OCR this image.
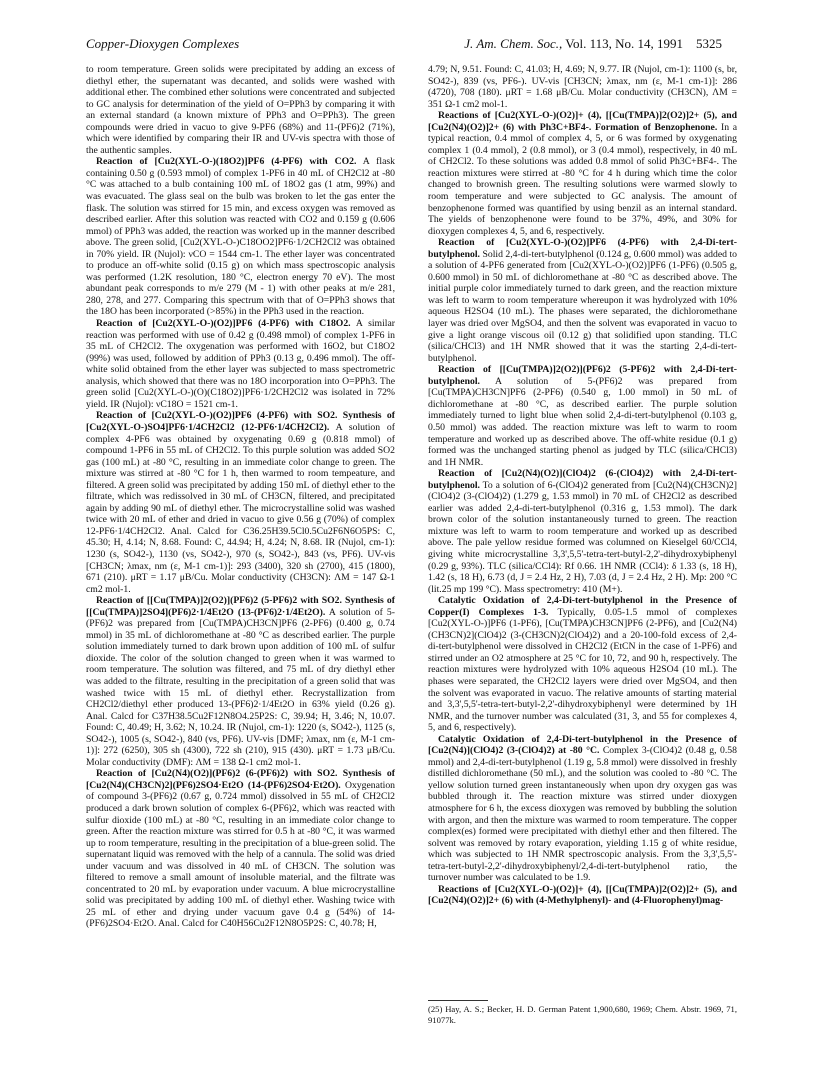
Copper-Dioxygen Complexes	J. Am. Chem. Soc., Vol. 113, No. 14, 1991 5325

to room temperature. Green solids were precipitated by adding an excess of diethyl ether, the supernatant was decanted, and solids were washed with additional ether. The combined ether solutions were concentrated and subjected to GC analysis for determination of the yield of O=PPh3 by comparing it with an external standard (a known mixture of PPh3 and O=PPh3). The green compounds were dried in vacuo to give 9-PF6 (68%) and 11-(PF6)2 (71%), which were identified by comparing their IR and UV-vis spectra with those of the authentic samples.

Reaction of [Cu2(XYL-O-)(18O2)]PF6 (4-PF6) with CO2. A flask containing 0.50 g (0.593 mmol) of complex 1-PF6 in 40 mL of CH2Cl2 at -80 °C was attached to a bulb containing 100 mL of 18O2 gas (1 atm, 99%) and was evacuated. The glass seal on the bulb was broken to let the gas enter the flask. The solution was stirred for 15 min, and excess oxygen was removed as described earlier. After this solution was reacted with CO2 and 0.159 g (0.606 mmol) of PPh3 was added, the reaction was worked up in the manner described above. The green solid, [Cu2(XYL-O-)C18OO2]PF6·1/2CH2Cl2 was obtained in 70% yield. IR (Nujol): νCO = 1544 cm-1. The ether layer was concentrated to produce an off-white solid (0.15 g) on which mass spectroscopic analysis was performed (1.2K resolution, 180 °C, electron energy 70 eV). The most abundant peak corresponds to m/e 279 (M - 1) with other peaks at m/e 281, 280, 278, and 277. Comparing this spectrum with that of O=PPh3 shows that the 18O has been incorporated (>85%) in the PPh3 used in the reaction.

Reaction of [Cu2(XYL-O-)(O2)]PF6 (4-PF6) with C18O2. A similar reaction was performed with use of 0.42 g (0.498 mmol) of complex 1-PF6 in 35 mL of CH2Cl2. The oxygenation was performed with 16O2, but C18O2 (99%) was used, followed by addition of PPh3 (0.13 g, 0.496 mmol). The off-white solid obtained from the ether layer was subjected to mass spectrometric analysis, which showed that there was no 18O incorporation into O=PPh3. The green solid [Cu2(XYL-O-)(O)(C18O2)]PF6·1/2CH2Cl2 was isolated in 72% yield. IR (Nujol): νC18O = 1521 cm-1.

Reaction of [Cu2(XYL-O-)(O2)]PF6 (4-PF6) with SO2. Synthesis of [Cu2(XYL-O-)SO4]PF6·1/4CH2Cl2 (12-PF6·1/4CH2Cl2). A solution of complex 4-PF6 was obtained by oxygenating 0.69 g (0.818 mmol) of compound 1-PF6 in 55 mL of CH2Cl2. To this purple solution was added SO2 gas (100 mL) at -80 °C, resulting in an immediate color change to green. The mixture was stirred at -80 °C for 1 h, then warmed to room tempeature, and filtered. A green solid was precipitated by adding 150 mL of diethyl ether to the filtrate, which was redissolved in 30 mL of CH3CN, filtered, and precipitated again by adding 90 mL of diethyl ether. The microcrystalline solid was washed twice with 20 mL of ether and dried in vacuo to give 0.56 g (70%) of complex 12-PF6·1/4CH2Cl2. Anal. Calcd for C36.25H39.5Cl0.5Cu2F6N6O5PS: C, 45.30; H, 4.14; N, 8.68. Found: C, 44.94; H, 4.24; N, 8.68. IR (Nujol, cm-1): 1230 (s, SO42-), 1130 (vs, SO42-), 970 (s, SO42-), 843 (vs, PF6). UV-vis [CH3CN; λmax, nm (ε, M-1 cm-1)]: 293 (3400), 320 sh (2700), 415 (1800), 671 (210). μRT = 1.17 μB/Cu. Molar conductivity (CH3CN): ΛM = 147 Ω-1 cm2 mol-1.

Reaction of [[Cu(TMPA)]2(O2)](PF6)2 (5-PF6)2 with SO2. Synthesis of [[Cu(TMPA)]2SO4](PF6)2·1/4Et2O (13-(PF6)2·1/4Et2O). A solution of 5-(PF6)2 was prepared from [Cu(TMPA)CH3CN]PF6 (2-PF6) (0.400 g, 0.74 mmol) in 35 mL of dichloromethane at -80 °C as described earlier. The purple solution immediately turned to dark brown upon addition of 100 mL of sulfur dioxide. The color of the solution changed to green when it was warmed to room temperature. The solution was filtered, and 75 mL of dry diethyl ether was added to the filtrate, resulting in the precipitation of a green solid that was washed twice with 15 mL of diethyl ether. Recrystallization from CH2Cl2/diethyl ether produced 13-(PF6)2·1/4Et2O in 63% yield (0.26 g). Anal. Calcd for C37H38.5Cu2F12N8O4.25P2S: C, 39.94; H, 3.46; N, 10.07. Found: C, 40.49; H, 3.62; N, 10.24. IR (Nujol, cm-1): 1220 (s, SO42-), 1125 (s, SO42-), 1005 (s, SO42-), 840 (vs, PF6). UV-vis [DMF; λmax, nm (ε, M-1 cm-1)]: 272 (6250), 305 sh (4300), 722 sh (210), 915 (430). μRT = 1.73 μB/Cu. Molar conductivity (DMF): ΛM = 138 Ω-1 cm2 mol-1.

Reaction of [Cu2(N4)(O2)](PF6)2 (6-(PF6)2) with SO2. Synthesis of [Cu2(N4)(CH3CN)2](PF6)2SO4·Et2O (14-(PF6)2SO4·Et2O). Oxygenation of compound 3-(PF6)2 (0.67 g, 0.724 mmol) dissolved in 55 mL of CH2Cl2 produced a dark brown solution of complex 6-(PF6)2, which was reacted with sulfur dioxide (100 mL) at -80 °C, resulting in an immediate color change to green. After the reaction mixture was stirred for 0.5 h at -80 °C, it was warmed up to room temperature, resulting in the precipitation of a blue-green solid. The supernatant liquid was removed with the help of a cannula. The solid was dried under vacuum and was dissolved in 40 mL of CH3CN. The solution was filtered to remove a small amount of insoluble material, and the filtrate was concentrated to 20 mL by evaporation under vacuum. A blue microcrystalline solid was precipitated by adding 100 mL of diethyl ether. Washing twice with 25 mL of ether and drying under vacuum gave 0.4 g (54%) of 14-(PF6)2SO4·Et2O. Anal. Calcd for C40H56Cu2F12N8O5P2S: C, 40.78; H,

4.79; N, 9.51. Found: C, 41.03; H, 4.69; N, 9.77. IR (Nujol, cm-1): 1100 (s, br, SO42-), 839 (vs, PF6-). UV-vis [CH3CN; λmax, nm (ε, M-1 cm-1)]: 286 (4720), 708 (180). μRT = 1.68 μB/Cu. Molar conductivity (CH3CN), ΛM = 351 Ω-1 cm2 mol-1.

Reactions of [Cu2(XYL-O-)(O2)]+ (4), [[Cu(TMPA)]2(O2)]2+ (5), and [Cu2(N4)(O2)]2+ (6) with Ph3C+BF4-. Formation of Benzophenone. In a typical reaction, 0.4 mmol of complex 4, 5, or 6 was formed by oxygenating complex 1 (0.4 mmol), 2 (0.8 mmol), or 3 (0.4 mmol), respectively, in 40 mL of CH2Cl2. To these solutions was added 0.8 mmol of solid Ph3C+BF4-. The reaction mixtures were stirred at -80 °C for 4 h during which time the color changed to brownish green. The resulting solutions were warmed slowly to room temperature and were subjected to GC analysis. The amount of benzophenone formed was quantified by using benzil as an internal standard. The yields of benzophenone were found to be 37%, 49%, and 30% for dioxygen complexes 4, 5, and 6, respectively.

Reaction of [Cu2(XYL-O-)(O2)]PF6 (4-PF6) with 2,4-Di-tert-butylphenol. Solid 2,4-di-tert-butylphenol (0.124 g, 0.600 mmol) was added to a solution of 4-PF6 generated from [Cu2(XYL-O-)(O2)]PF6 (1-PF6) (0.505 g, 0.600 mmol) in 50 mL of dichloromethane at -80 °C as described above. The initial purple color immediately turned to dark green, and the reaction mixture was left to warm to room temperature whereupon it was hydrolyzed with 10% aqueous H2SO4 (10 mL). The phases were separated, the dichloromethane layer was dried over MgSO4, and then the solvent was evaporated in vacuo to give a light orange viscous oil (0.12 g) that solidified upon standing. TLC (silica/CHCl3) and 1H NMR showed that it was the starting 2,4-di-tert-butylphenol.

Reaction of [[Cu(TMPA)]2(O2)](PF6)2 (5-PF6)2 with 2,4-Di-tert-butylphenol. A solution of 5-(PF6)2 was prepared from [Cu(TMPA)CH3CN]PF6 (2-PF6) (0.540 g, 1.00 mmol) in 50 mL of dichloromethane at -80 °C, as described earlier. The purple solution immediately turned to light blue when solid 2,4-di-tert-butylphenol (0.103 g, 0.50 mmol) was added. The reaction mixture was left to warm to room temperature and worked up as described above. The off-white residue (0.1 g) formed was the unchanged starting phenol as judged by TLC (silica/CHCl3) and 1H NMR.

Reaction of [Cu2(N4)(O2)](ClO4)2 (6-(ClO4)2) with 2,4-Di-tert-butylphenol. To a solution of 6-(ClO4)2 generated from [Cu2(N4)(CH3CN)2](ClO4)2 (3-(ClO4)2) (1.279 g, 1.53 mmol) in 70 mL of CH2Cl2 as described earlier was added 2,4-di-tert-butylphenol (0.316 g, 1.53 mmol). The dark brown color of the solution instantaneously turned to green. The reaction mixture was left to warm to room temperature and worked up as described above. The pale yellow residue formed was columned on Kieselgel 60/CCl4, giving white microcrystalline 3,3',5,5'-tetra-tert-butyl-2,2'-dihydroxybiphenyl (0.29 g, 93%). TLC (silica/CCl4): Rf 0.66. 1H NMR (CCl4): δ 1.33 (s, 18 H), 1.42 (s, 18 H), 6.73 (d, J = 2.4 Hz, 2 H), 7.03 (d, J = 2.4 Hz, 2 H). Mp: 200 °C (lit.25 mp 199 °C). Mass spectrometry: 410 (M+).

Catalytic Oxidation of 2,4-Di-tert-butylphenol in the Presence of Copper(I) Complexes 1-3. Typically, 0.05-1.5 mmol of complexes [Cu2(XYL-O-)]PF6 (1-PF6), [Cu(TMPA)CH3CN]PF6 (2-PF6), and [Cu2(N4)(CH3CN)2](ClO4)2 (3-(CH3CN)2(ClO4)2) and a 20-100-fold excess of 2,4-di-tert-butylphenol were dissolved in CH2Cl2 (EtCN in the case of 1-PF6) and stirred under an O2 atmosphere at 25 °C for 10, 72, and 90 h, respectively. The reaction mixtures were hydrolyzed with 10% aqueous H2SO4 (10 mL). The phases were separated, the CH2Cl2 layers were dried over MgSO4, and then the solvent was evaporated in vacuo. The relative amounts of starting material and 3,3',5,5'-tetra-tert-butyl-2,2'-dihydroxybiphenyl were determined by 1H NMR, and the turnover number was calculated (31, 3, and 55 for complexes 4, 5, and 6, respectively).

Catalytic Oxidation of 2,4-Di-tert-butylphenol in the Presence of [Cu2(N4)](ClO4)2 (3-(ClO4)2) at -80 °C. Complex 3-(ClO4)2 (0.48 g, 0.58 mmol) and 2,4-di-tert-butylphenol (1.19 g, 5.8 mmol) were dissolved in freshly distilled dichloromethane (50 mL), and the solution was cooled to -80 °C. The yellow solution turned green instantaneously when upon dry oxygen gas was bubbled through it. The reaction mixture was stirred under dioxygen atmosphere for 6 h, the excess dioxygen was removed by bubbling the solution with argon, and then the mixture was warmed to room temperature. The copper complex(es) formed were precipitated with diethyl ether and then filtered. The solvent was removed by rotary evaporation, yielding 1.15 g of white residue, which was subjected to 1H NMR spectroscopic analysis. From the 3,3',5,5'-tetra-tert-butyl-2,2'-dihydroxybiphenyl/2,4-di-tert-butylphenol ratio, the turnover number was calculated to be 1.9.

Reactions of [Cu2(XYL-O-)(O2)]+ (4), [[Cu(TMPA)]2(O2)]2+ (5), and [Cu2(N4)(O2)]2+ (6) with (4-Methylphenyl)- and (4-Fluorophenyl)mag-

(25) Hay, A. S.; Becker, H. D. German Patent 1,900,680, 1969; Chem. Abstr. 1969, 71, 91077k.
